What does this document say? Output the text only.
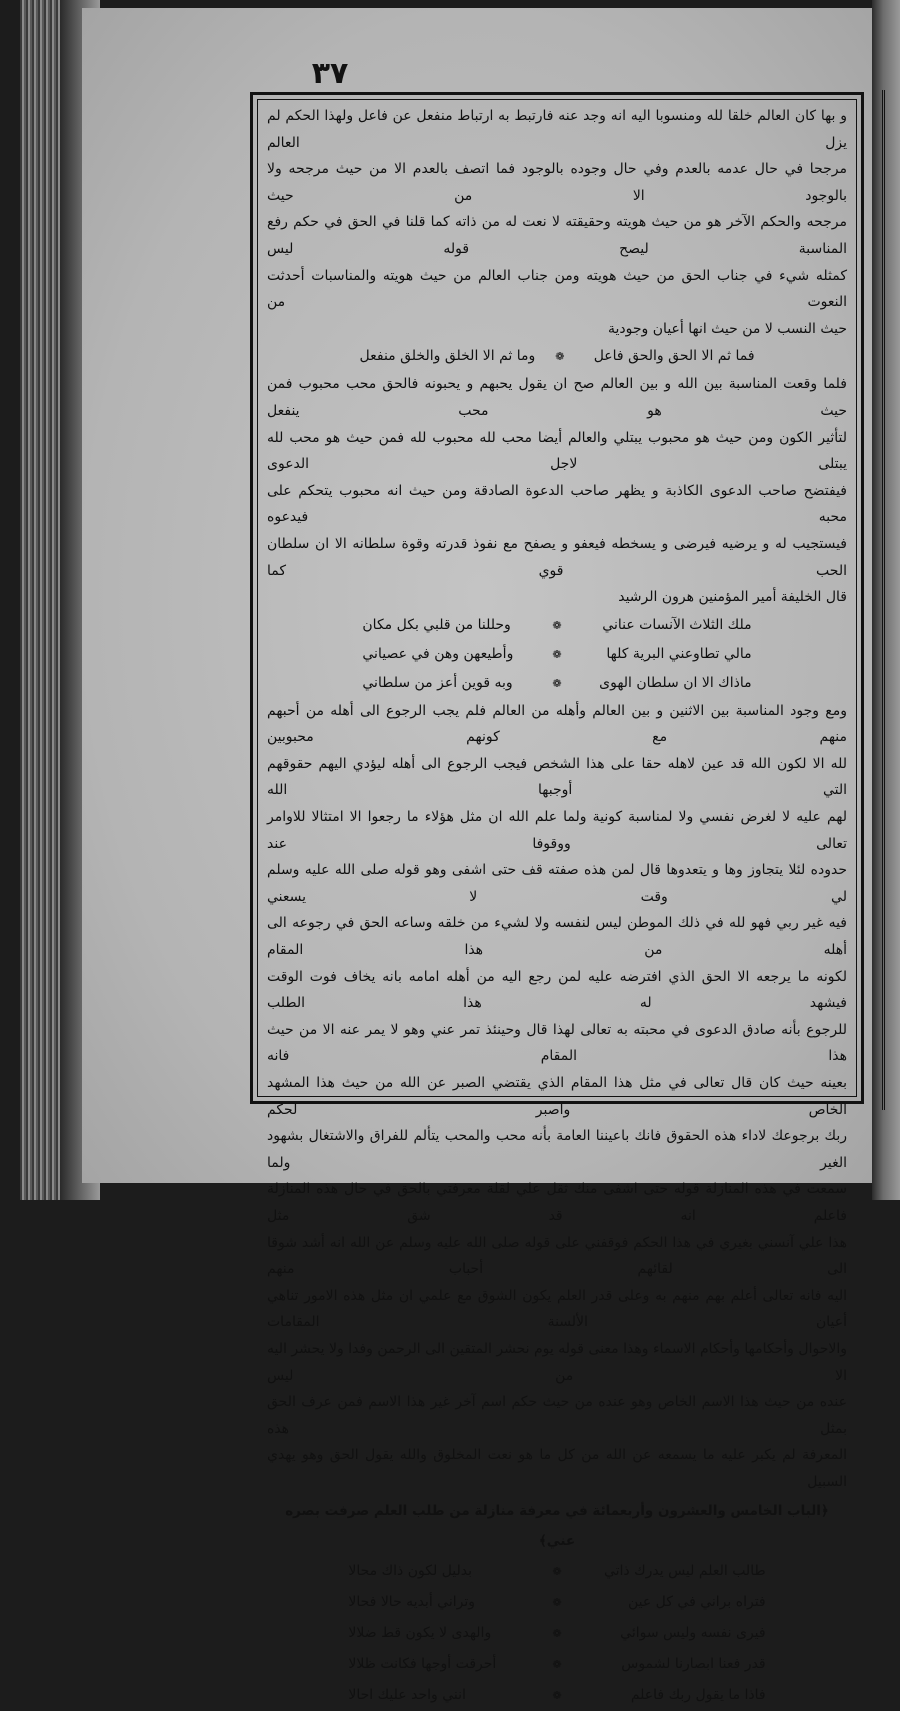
٣٧

و بها كان العالم خلقا لله ومنسوبا اليه انه وجد عنه فارتبط به ارتباط منفعل عن فاعل ولهذا الحكم لم يزل العالم

مرجحا في حال عدمه بالعدم وفي حال وجوده بالوجود فما اتصف بالعدم الا من حيث مرجحه ولا بالوجود الا من حيث

مرجحه والحكم الآخر هو من حيث هويته وحقيقته لا نعت له من ذاته كما قلنا في الحق في حكم رفع المناسبة ليصح قوله ليس

كمثله شيء في جناب الحق من حيث هويته ومن جناب العالم من حيث هويته والمناسبات أحدثت النعوت من

حيث النسب لا من حيث انها أعيان وجودية

فما ثم الا الحق والحق فاعل
❁
وما ثم الا الخلق والخلق منفعل

فلما وقعت المناسبة بين الله و بين العالم صح ان يقول يحبهم و يحبونه فالحق محب محبوب فمن حيث هو محب ينفعل

لتأثير الكون ومن حيث هو محبوب يبتلي والعالم أيضا محب لله محبوب لله فمن حيث هو محب لله يبتلى لاجل الدعوى

فيفتضح صاحب الدعوى الكاذبة و يظهر صاحب الدعوة الصادقة ومن حيث انه محبوب يتحكم على محبه فيدعوه

فيستجيب له و يرضيه فيرضى و يسخطه فيعفو و يصفح مع نفوذ قدرته وقوة سلطانه الا ان سلطان الحب قوي كما

قال الخليفة أمير المؤمنين هرون الرشيد

ملك الثلاث الآنسات عناني
❁
وحللنا من قلبي بكل مكان
مالي تطاوعني البرية كلها
❁
وأطيعهن وهن في عصياني
ماذاك الا ان سلطان الهوى
❁
وبه قوين أعز من سلطاني

ومع وجود المناسبة بين الاثنين و بين العالم وأهله من العالم فلم يجب الرجوع الى أهله من أحبهم منهم مع كونهم محبوبين

لله الا لكون الله قد عين لاهله حقا على هذا الشخص فيجب الرجوع الى أهله ليؤدي اليهم حقوقهم التي أوجبها الله

لهم عليه لا لغرض نفسي ولا لمناسبة كونية ولما علم الله ان مثل هؤلاء ما رجعوا الا امتثالا للاوامر تعالى ووقوفا عند

حدوده لئلا يتجاوز وها و يتعدوها قال لمن هذه صفته قف حتى اشفى وهو قوله صلى الله عليه وسلم لي وقت لا يسعني

فيه غير ربي فهو لله في ذلك الموطن ليس لنفسه ولا لشيء من خلقه وساعه الحق في رجوعه الى أهله من هذا المقام

لكونه ما يرجعه الا الحق الذي افترضه عليه لمن رجع اليه من أهله امامه بانه يخاف فوت الوقت فيشهد له هذا الطلب

للرجوع بأنه صادق الدعوى في محبته به تعالى لهذا قال وحينئذ تمر عني وهو لا يمر عنه الا من حيث هذا المقام فانه

بعينه حيث كان قال تعالى في مثل هذا المقام الذي يقتضي الصبر عن الله من حيث هذا المشهد الخاص واصبر لحكم

ربك برجوعك لاداء هذه الحقوق فانك باعيننا العامة بأنه محب والمحب يتألم للفراق والاشتغال بشهود الغير ولما

سمعت في هذه المنازلة قوله حتى اشفى منك ثقل علي لقلة معرفتي بالحق في حال هذه المنازلة فاعلم انه قد شق مثل

هذا علي آنسني بغيري في هذا الحكم فوقفني على قوله صلى الله عليه وسلم عن الله انه أشد شوقا الى لقائهم أحباب منهم

اليه فانه تعالى أعلم بهم منهم به وعلى قدر العلم يكون الشوق مع علمي ان مثل هذه الامور تناهي أعيان الألسنة المقامات

والاحوال وأحكامها وأحكام الاسماء وهذا معنى قوله يوم نحشر المتقين الى الرحمن وفدا ولا يحشر اليه الا من ليس

عنده من حيث هذا الاسم الخاص وهو عنده من حيث حكم اسم آخر غير هذا الاسم فمن عرف الحق بمثل هذه

المعرفة لم يكبر عليه ما يسمعه عن الله من كل ما هو نعت المخلوق والله يقول الحق وهو يهدي السبيل

﴿الباب الخامس والعشرون وأربعمائة في معرفة منازلة من طلب العلم صرفت بصره عني﴾
طالب العلم ليس يدرك ذاتي
❁
بدليل لكون ذاك محالا
فتراه براني في كل عين
❁
وتراني أبديه حالا فحالا
فيرى نفسه وليس سوائي
❁
والهدى لا يكون قط ضلالا
قدر فعنا ابصارنا لشموس
❁
أحرقت أوجها فكانت ظلالا
فاذا ما يقول ربك فاعلم
❁
انني واحد عليك احالا
